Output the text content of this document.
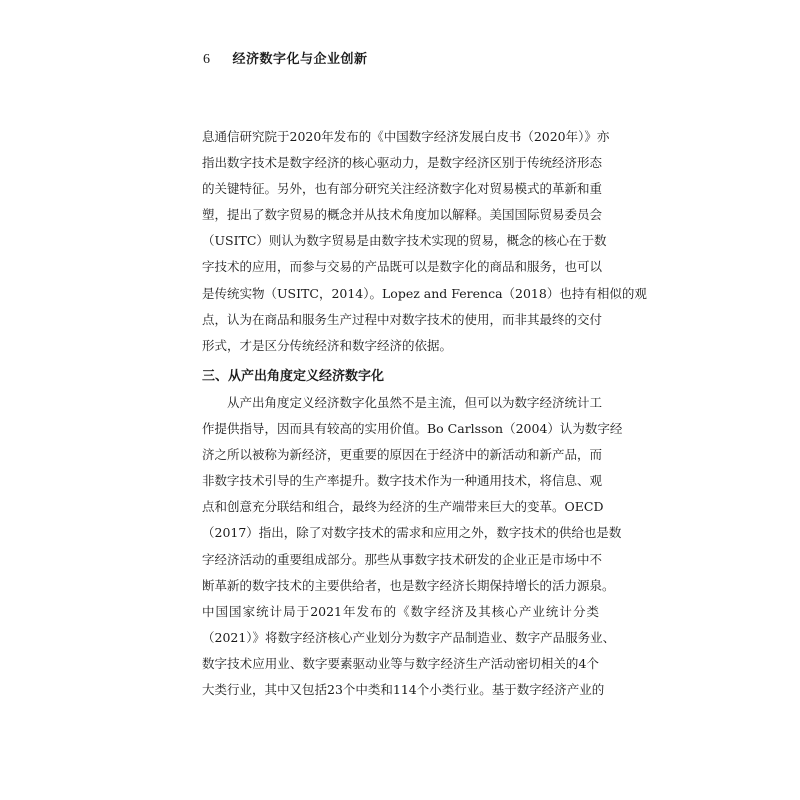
6 经济数字化与企业创新
息通信研究院于2020年发布的《中国数字经济发展白皮书（2020年）》亦
指出数字技术是数字经济的核心驱动力，是数字经济区别于传统经济形态
的关键特征。另外，也有部分研究关注经济数字化对贸易模式的革新和重
塑，提出了数字贸易的概念并从技术角度加以解释。美国国际贸易委员会
（USITC）则认为数字贸易是由数字技术实现的贸易，概念的核心在于数
字技术的应用，而参与交易的产品既可以是数字化的商品和服务，也可以
是传统实物（USITC，2014）。Lopez and Ferenca（2018）也持有相似的观
点，认为在商品和服务生产过程中对数字技术的使用，而非其最终的交付
形式，才是区分传统经济和数字经济的依据。
三、从产出角度定义经济数字化
从产出角度定义经济数字化虽然不是主流，但可以为数字经济统计工
作提供指导，因而具有较高的实用价值。Bo Carlsson（2004）认为数字经
济之所以被称为新经济，更重要的原因在于经济中的新活动和新产品，而
非数字技术引导的生产率提升。数字技术作为一种通用技术，将信息、观
点和创意充分联结和组合，最终为经济的生产端带来巨大的变革。OECD
（2017）指出，除了对数字技术的需求和应用之外，数字技术的供给也是数
字经济活动的重要组成部分。那些从事数字技术研发的企业正是市场中不
断革新的数字技术的主要供给者，也是数字经济长期保持增长的活力源泉。
中国国家统计局于2021年发布的《数字经济及其核心产业统计分类
（2021）》将数字经济核心产业划分为数字产品制造业、数字产品服务业、
数字技术应用业、数字要素驱动业等与数字经济生产活动密切相关的4个
大类行业，其中又包括23个中类和114个小类行业。基于数字经济产业的
